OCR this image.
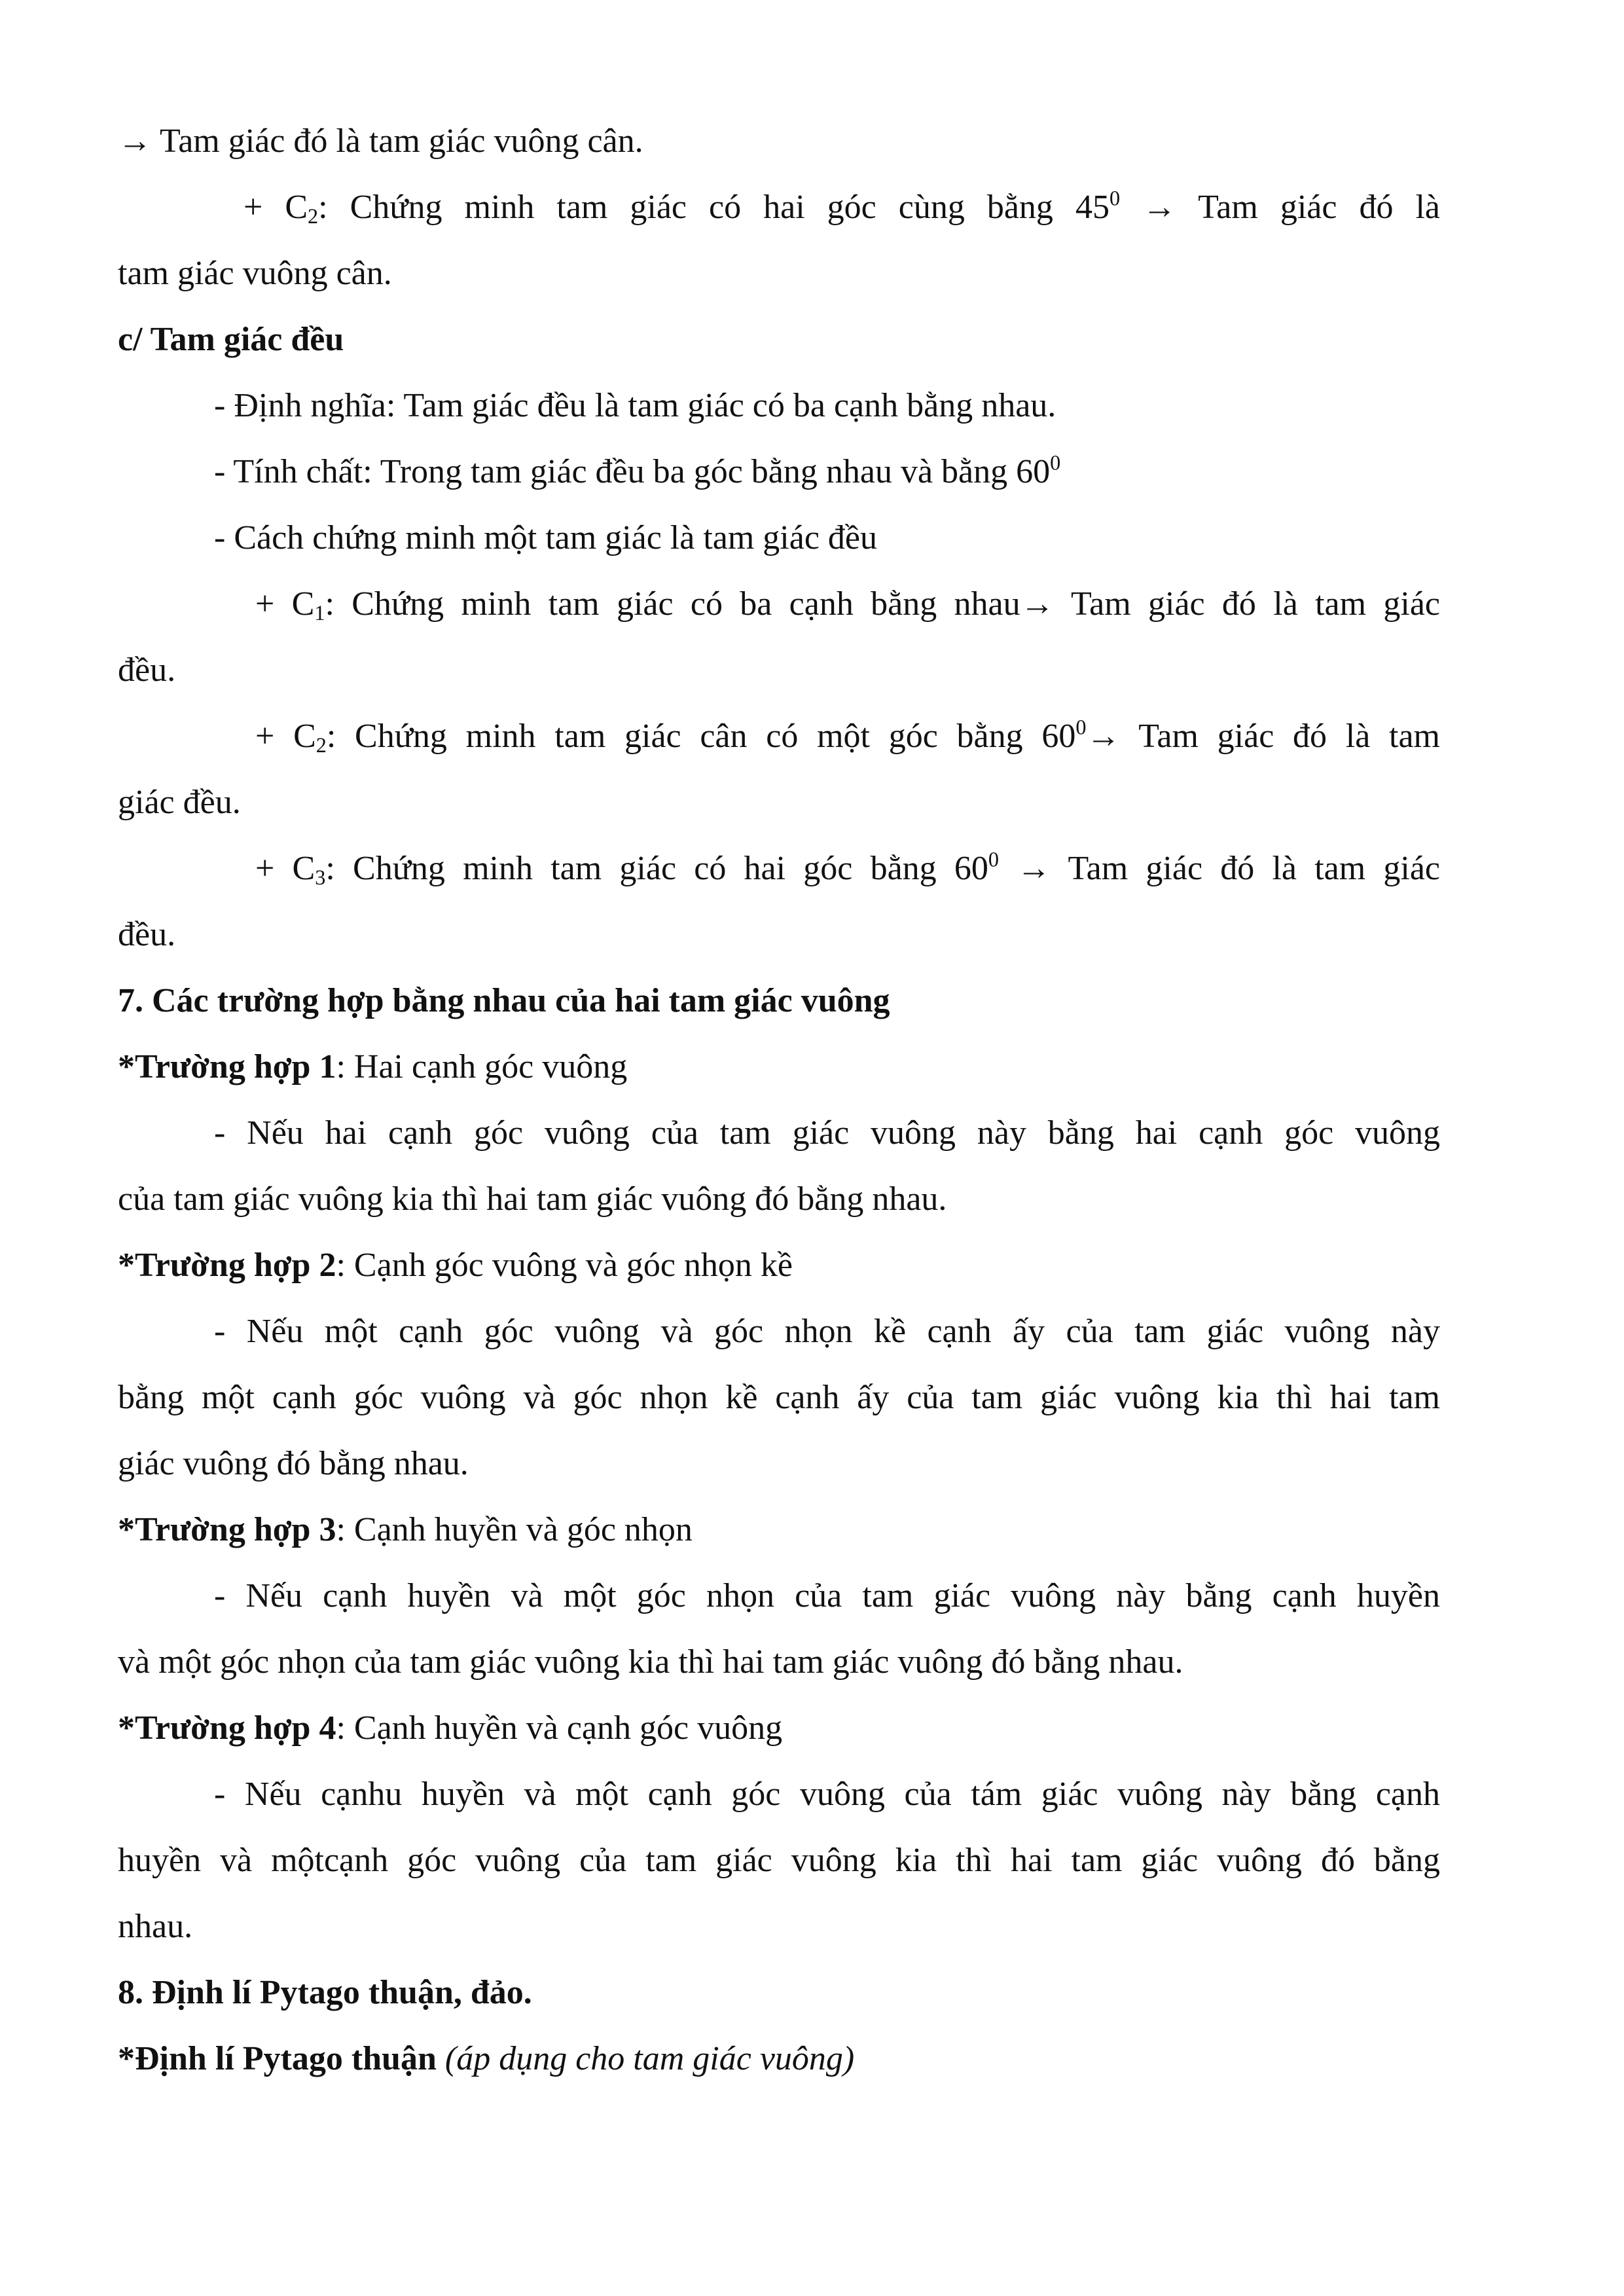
→ Tam giác đó là tam giác vuông cân.
+ $C_2$: Chứng minh tam giác có hai góc cùng bằng $45^0$ → Tam giác đó là
tam giác vuông cân.
c/ Tam giác đều
- Định nghĩa: Tam giác đều là tam giác có ba cạnh bằng nhau.
- Tính chất: Trong tam giác đều ba góc bằng nhau và bằng $60^0$
- Cách chứng minh một tam giác là tam giác đều
+ $C_1$: Chứng minh tam giác có ba cạnh bằng nhau→ Tam giác đó là tam giác
đều.
+ $C_2$: Chứng minh tam giác cân có một góc bằng $60^0\to$ Tam giác đó là tam
giác đều.
+ $C_3$: Chứng minh tam giác có hai góc bằng $60^0$ → Tam giác đó là tam giác
đều.
7. Các trường hợp bằng nhau của hai tam giác vuông
*Trường hợp 1: Hai cạnh góc vuông
- Nếu hai cạnh góc vuông của tam giác vuông này bằng hai cạnh góc vuông
của tam giác vuông kia thì hai tam giác vuông đó bằng nhau.
*Trường hợp 2: Cạnh góc vuông và góc nhọn kề
- Nếu một cạnh góc vuông và góc nhọn kề cạnh ấy của tam giác vuông này
bằng một cạnh góc vuông và góc nhọn kề cạnh ấy của tam giác vuông kia thì hai tam
giác vuông đó bằng nhau.
*Trường hợp 3: Cạnh huyền và góc nhọn
- Nếu cạnh huyền và một góc nhọn của tam giác vuông này bằng cạnh huyền
và một góc nhọn của tam giác vuông kia thì hai tam giác vuông đó bằng nhau.
*Trường hợp 4: Cạnh huyền và cạnh góc vuông
- Nếu cạnhu huyền và một cạnh góc vuông của tám giác vuông này bằng cạnh
huyền và mộtcạnh góc vuông của tam giác vuông kia thì hai tam giác vuông đó bằng
nhau.
8. Định lí Pytago thuận, đảo.
*Định lí Pytago thuận (áp dụng cho tam giác vuông)
